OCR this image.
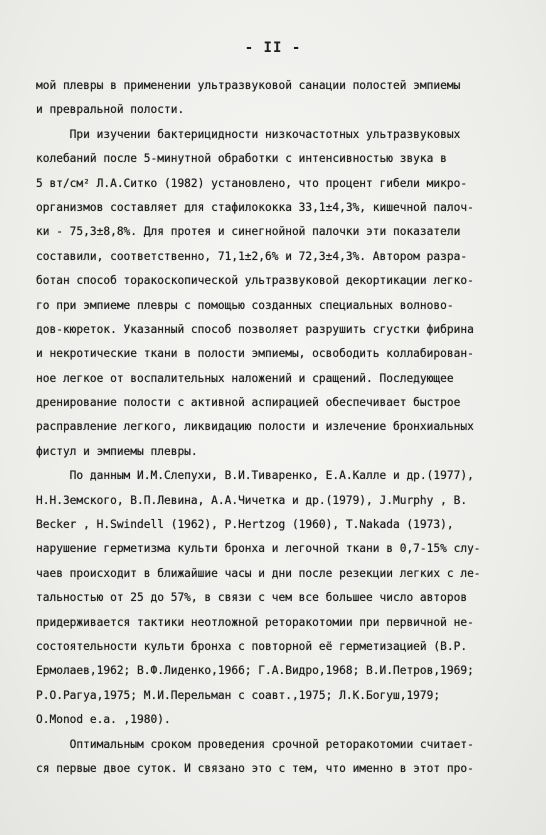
- II -
мой плевры в применении ультразвуковой санации полостей эмпиемы
и превральной полости.
При изучении бактерицидности низкочастотных ультразвуковых
колебаний после 5-минутной обработки с интенсивностью звука в
5 вт/см² Л.А.Ситко (1982) установлено, что процент гибели микро-
организмов составляет для стафилококка 33,1±4,3%, кишечной палоч-
ки - 75,3±8,8%. Для протея и синегнойной палочки эти показатели
составили, соответственно, 71,1±2,6% и 72,3±4,3%. Автором разра-
ботан способ торакоскопической ультразвуковой декортикации легко-
го при эмпиеме плевры с помощью созданных специальных волново-
дов-кюреток. Указанный способ позволяет разрушить сгустки фибрина
и некротические ткани в полости эмпиемы, освободить коллабирован-
ное легкое от воспалительных наложений и сращений. Последующее
дренирование полости с активной аспирацией обеспечивает быстрое
расправление легкого, ликвидацию полости и излечение бронхиальных
фистул и эмпиемы плевры.
По данным И.М.Слепухи, В.И.Тиваренко, Е.А.Калле и др.(1977),
Н.Н.Земского, В.П.Левина, А.А.Чичетка и др.(1979), J.Murphy , B.
Becker , H.Swindell (1962), P.Hertzog (1960), T.Nakada (1973),
нарушение герметизма культи бронха и легочной ткани в 0,7-15% слу-
чаев происходит в ближайшие часы и дни после резекции легких с ле-
тальностью от 25 до 57%, в связи с чем все большее число авторов
придерживается тактики неотложной реторакотомии при первичной не-
состоятельности культи бронха с повторной её герметизацией (В.Р.
Ермолаев,1962; В.Ф.Лиденко,1966; Г.А.Видро,1968; В.И.Петров,1969;
Р.О.Рагуа,1975; М.И.Перельман с соавт.,1975; Л.К.Богуш,1979;
O.Monod e.a. ,1980).
Оптимальным сроком проведения срочной реторакотомии считает-
ся первые двое суток. И связано это с тем, что именно в этот про-
